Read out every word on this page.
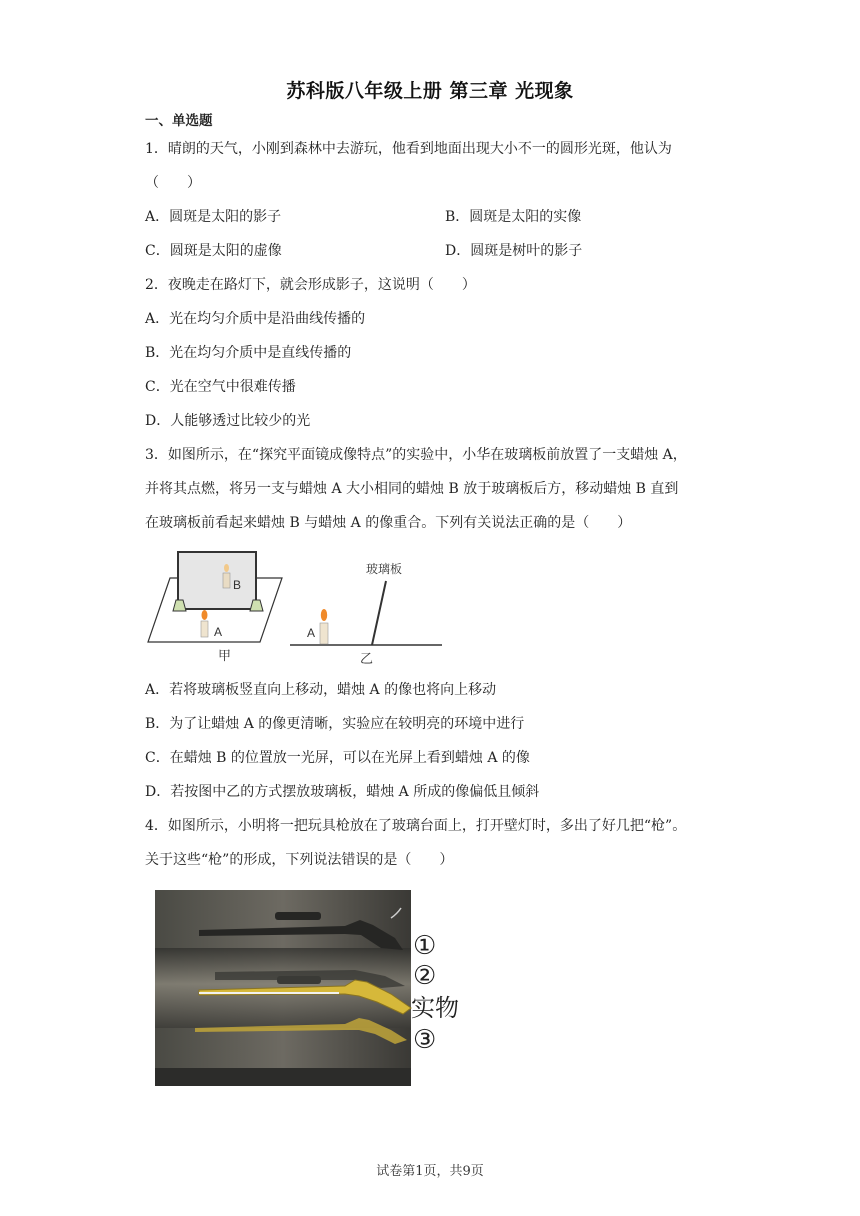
苏科版八年级上册 第三章 光现象
一、单选题
1．晴朗的天气，小刚到森林中去游玩，他看到地面出现大小不一的圆形光斑，他认为
（　　）
A．圆斑是太阳的影子	B．圆斑是太阳的实像
C．圆斑是太阳的虚像	D．圆斑是树叶的影子
2．夜晚走在路灯下，就会形成影子，这说明（　　）
A．光在均匀介质中是沿曲线传播的
B．光在均匀介质中是直线传播的
C．光在空气中很难传播
D．人能够透过比较少的光
3．如图所示，在“探究平面镜成像特点”的实验中，小华在玻璃板前放置了一支蜡烛 A，
并将其点燃，将另一支与蜡烛 A 大小相同的蜡烛 B 放于玻璃板后方，移动蜡烛 B 直到
在玻璃板前看起来蜡烛 B 与蜡烛 A 的像重合。下列有关说法正确的是（　　）
B
A
甲
玻璃板
A
乙
A．若将玻璃板竖直向上移动，蜡烛 A 的像也将向上移动
B．为了让蜡烛 A 的像更清晰，实验应在较明亮的环境中进行
C．在蜡烛 B 的位置放一光屏，可以在光屏上看到蜡烛 A 的像
D．若按图中乙的方式摆放玻璃板，蜡烛 A 所成的像偏低且倾斜
4．如图所示，小明将一把玩具枪放在了玻璃台面上，打开壁灯时，多出了好几把“枪”。
关于这些“枪”的形成，下列说法错误的是（　　）
①
②
实物
③
试卷第1页，共9页
